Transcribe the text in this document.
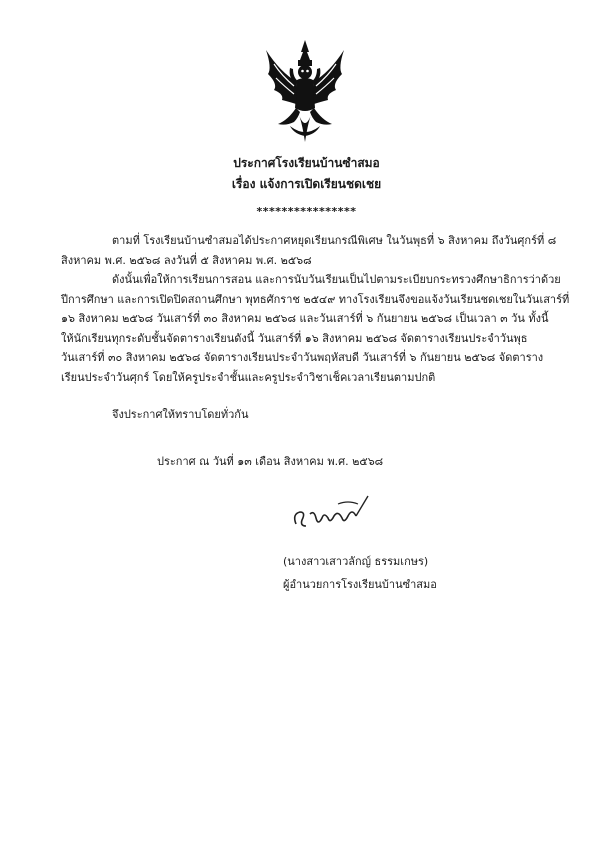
ประกาศโรงเรียนบ้านซำสมอ
เรื่อง แจ้งการเปิดเรียนชดเชย
****************
ตามที่ โรงเรียนบ้านซำสมอได้ประกาศหยุดเรียนกรณีพิเศษ ในวันพุธที่ ๖ สิงหาคม ถึงวันศุกร์ที่ ๘
สิงหาคม พ.ศ. ๒๕๖๘ ลงวันที่ ๕ สิงหาคม พ.ศ. ๒๕๖๘
ดังนั้นเพื่อให้การเรียนการสอน และการนับวันเรียนเป็นไปตามระเบียบกระทรวงศึกษาธิการว่าด้วย
ปีการศึกษา และการเปิดปิดสถานศึกษา พุทธศักราช ๒๕๔๙ ทางโรงเรียนจึงขอแจ้งวันเรียนชดเชยในวันเสาร์ที่
๑๖ สิงหาคม ๒๕๖๘ วันเสาร์ที่ ๓๐ สิงหาคม ๒๕๖๘ และวันเสาร์ที่ ๖ กันยายน ๒๕๖๘ เป็นเวลา ๓ วัน ทั้งนี้
ให้นักเรียนทุกระดับชั้นจัดตารางเรียนดังนี้ วันเสาร์ที่ ๑๖ สิงหาคม ๒๕๖๘ จัดตารางเรียนประจำวันพุธ
วันเสาร์ที่ ๓๐ สิงหาคม ๒๕๖๘ จัดตารางเรียนประจำวันพฤหัสบดี วันเสาร์ที่ ๖ กันยายน ๒๕๖๘ จัดตาราง
เรียนประจำวันศุกร์ โดยให้ครูประจำชั้นและครูประจำวิชาเช็คเวลาเรียนตามปกติ
จึงประกาศให้ทราบโดยทั่วกัน
ประกาศ ณ วันที่ ๑๓ เดือน สิงหาคม พ.ศ. ๒๕๖๘
(นางสาวเสาวลักญ์ ธรรมเกษร)
ผู้อำนวยการโรงเรียนบ้านซำสมอ
